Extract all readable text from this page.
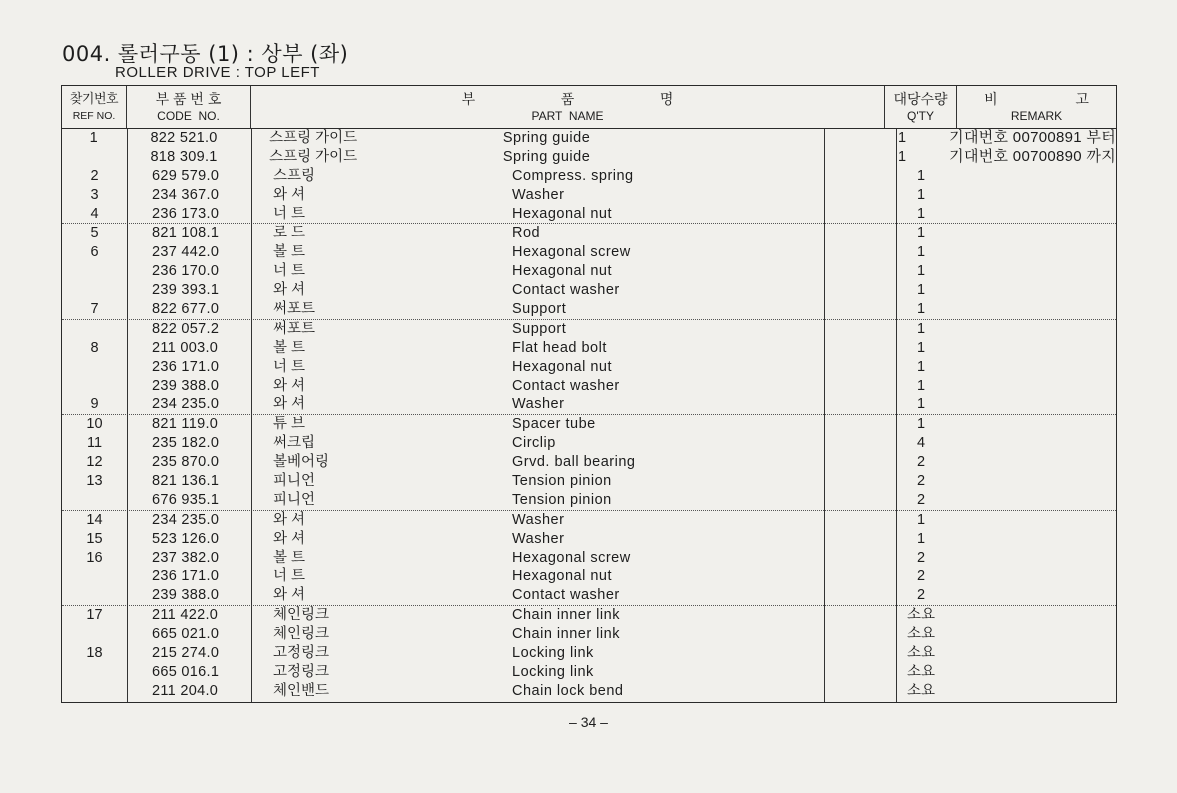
004. 롤러구동 (1) : 상부 (좌)
ROLLER DRIVE : TOP LEFT
찾기번호
REF NO.
부 품 번 호
CODE  NO.
부                      품                      명
PART  NAME
대당수량
Q'TY
비                    고
REMARK
1	822 521.0	스프링 가이드	Spring guide	1	기대번호 00700891 부터
818 309.1	스프링 가이드	Spring guide	1	기대번호 00700890 까지
2	629 579.0	스프링	Compress. spring	1
3	234 367.0	와 셔	Washer	1
4	236 173.0	너 트	Hexagonal nut	1
5	821 108.1	로 드	Rod	1
6	237 442.0	볼 트	Hexagonal screw	1
236 170.0	너 트	Hexagonal nut	1
239 393.1	와 셔	Contact washer	1
7	822 677.0	써포트	Support	1
822 057.2	써포트	Support	1
8	211 003.0	볼 트	Flat head bolt	1
236 171.0	너 트	Hexagonal nut	1
239 388.0	와 셔	Contact washer	1
9	234 235.0	와 셔	Washer	1
10	821 119.0	튜 브	Spacer tube	1
11	235 182.0	써크립	Circlip	4
12	235 870.0	볼베어링	Grvd. ball bearing	2
13	821 136.1	피니언	Tension pinion	2
676 935.1	피니언	Tension pinion	2
14	234 235.0	와 셔	Washer	1
15	523 126.0	와 셔	Washer	1
16	237 382.0	볼 트	Hexagonal screw	2
236 171.0	너 트	Hexagonal nut	2
239 388.0	와 셔	Contact washer	2
17	211 422.0	체인링크	Chain inner link	소요
665 021.0	체인링크	Chain inner link	소요
18	215 274.0	고정링크	Locking link	소요
665 016.1	고정링크	Locking link	소요
211 204.0	체인밴드	Chain lock bend	소요
– 34 –
